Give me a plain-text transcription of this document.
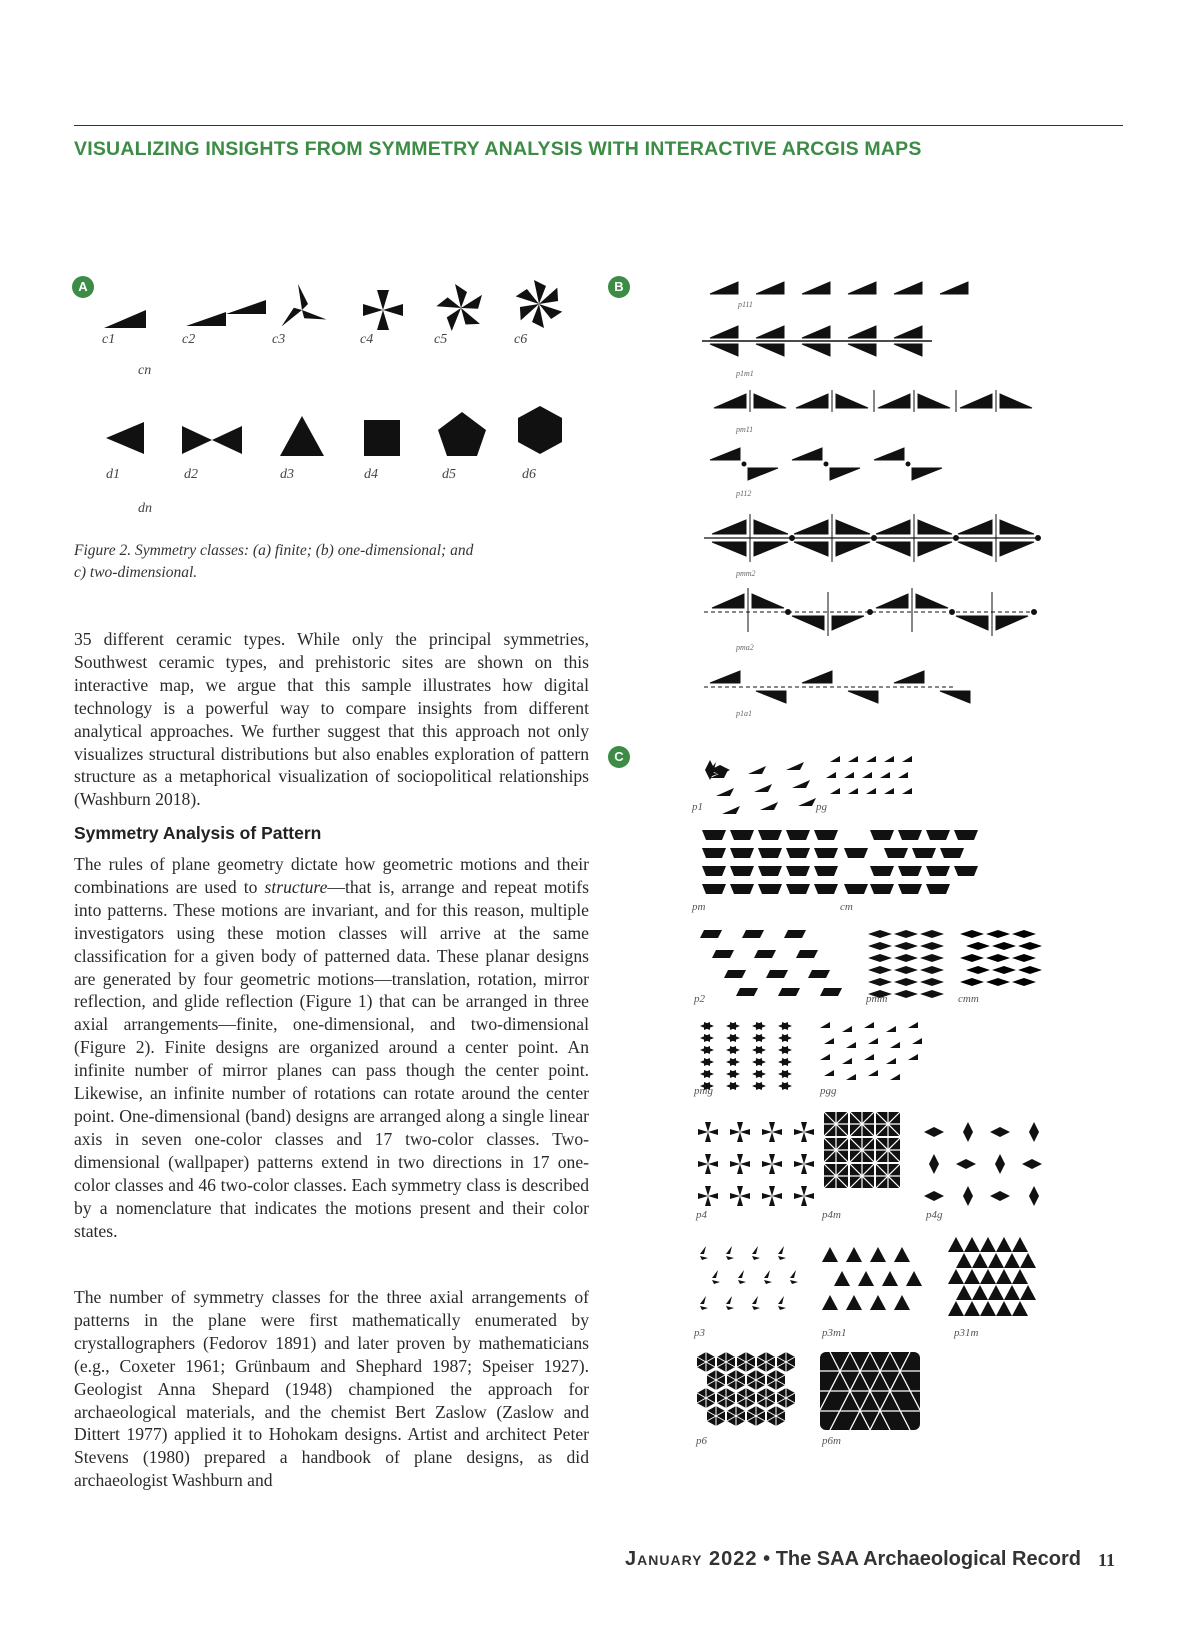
VISUALIZING INSIGHTS FROM SYMMETRY ANALYSIS WITH INTERACTIVE ARCGIS MAPS
A	B
C
c1	c2	c3	c4	c5	c6
cn
d1	d2	d3	d4	d5	d6
dn
Figure 2. Symmetry classes: (a) finite; (b) one-dimensional; and
c) two-dimensional.
p111
p1m1
pm11
p112
pmm2
pma2
p1a1
p1	pg
pm	cm
p2	pmm	cmm
pmg	pgg
p4	p4m	p4g
p3	p3m1	p31m
p6	p6m

35 different ceramic types. While only the principal symmetries, Southwest ceramic types, and prehistoric sites are shown on this interactive map, we argue that this sample illustrates how digital technology is a powerful way to compare insights from different analytical approaches. We further suggest that this approach not only visualizes structural distributions but also enables exploration of pattern structure as a metaphorical visualization of sociopolitical relationships (Washburn 2018).

Symmetry Analysis of Pattern

The rules of plane geometry dictate how geometric motions and their combinations are used to structure—that is, arrange and repeat motifs into patterns. These motions are invariant, and for this reason, multiple investigators using these motion classes will arrive at the same classification for a given body of patterned data. These planar designs are generated by four geometric motions—translation, rotation, mirror reflection, and glide reflection (Figure 1) that can be arranged in three axial arrangements—finite, one-dimensional, and two-dimensional (Figure 2). Finite designs are organized around a center point. An infinite number of mirror planes can pass though the center point. Likewise, an infinite number of rotations can rotate around the center point. One-dimensional (band) designs are arranged along a single linear axis in seven one-color classes and 17 two-color classes. Two-dimensional (wallpaper) patterns extend in two directions in 17 one-color classes and 46 two-color classes. Each symmetry class is described by a nomenclature that indicates the motions present and their color states.

The number of symmetry classes for the three axial arrangements of patterns in the plane were first mathematically enumerated by crystallographers (Fedorov 1891) and later proven by mathematicians (e.g., Coxeter 1961; Grünbaum and Shephard 1987; Speiser 1927). Geologist Anna Shepard (1948) championed the approach for archaeological materials, and the chemist Bert Zaslow (Zaslow and Dittert 1977) applied it to Hohokam designs. Artist and architect Peter Stevens (1980) prepared a handbook of plane designs, as did archaeologist Washburn and

January 2022 • The SAA Archaeological Record 11
